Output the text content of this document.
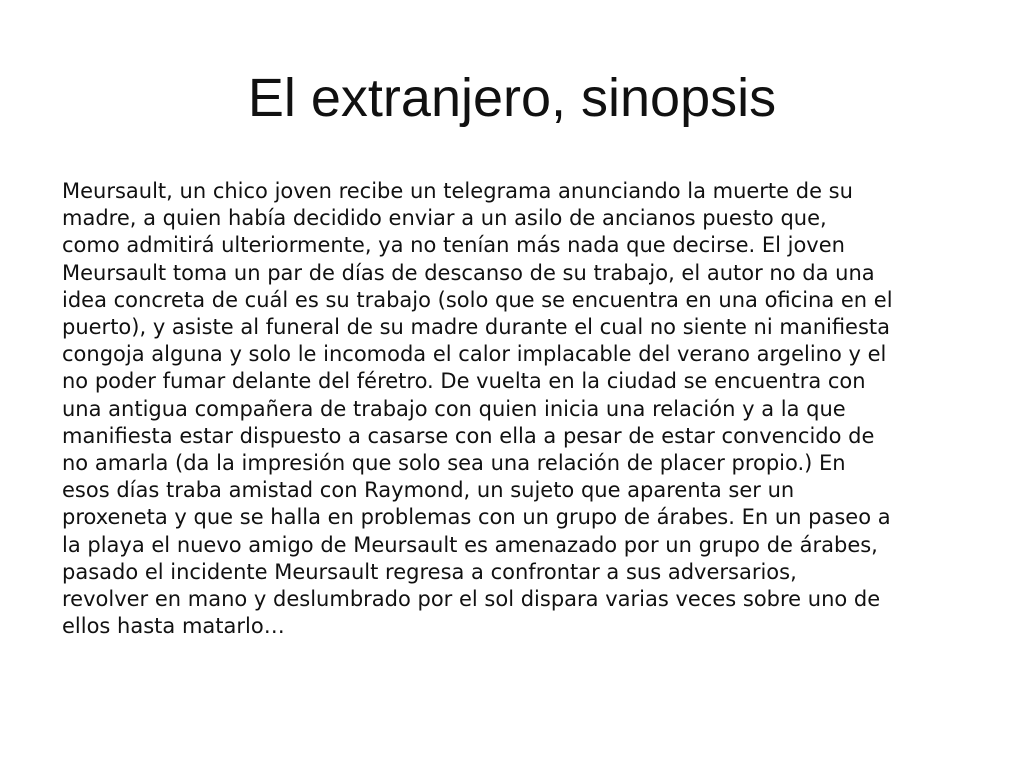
El extranjero, sinopsis
Meursault, un chico joven recibe un telegrama anunciando la muerte de su
madre, a quien había decidido enviar a un asilo de ancianos puesto que,
como admitirá ulteriormente, ya no tenían más nada que decirse. El joven
Meursault toma un par de días de descanso de su trabajo, el autor no da una
idea concreta de cuál es su trabajo (solo que se encuentra en una oficina en el
puerto), y asiste al funeral de su madre durante el cual no siente ni manifiesta
congoja alguna y solo le incomoda el calor implacable del verano argelino y el
no poder fumar delante del féretro. De vuelta en la ciudad se encuentra con
una antigua compañera de trabajo con quien inicia una relación y a la que
manifiesta estar dispuesto a casarse con ella a pesar de estar convencido de
no amarla (da la impresión que solo sea una relación de placer propio.) En
esos días traba amistad con Raymond, un sujeto que aparenta ser un
proxeneta y que se halla en problemas con un grupo de árabes. En un paseo a
la playa el nuevo amigo de Meursault es amenazado por un grupo de árabes,
pasado el incidente Meursault regresa a confrontar a sus adversarios,
revolver en mano y deslumbrado por el sol dispara varias veces sobre uno de
ellos hasta matarlo…
